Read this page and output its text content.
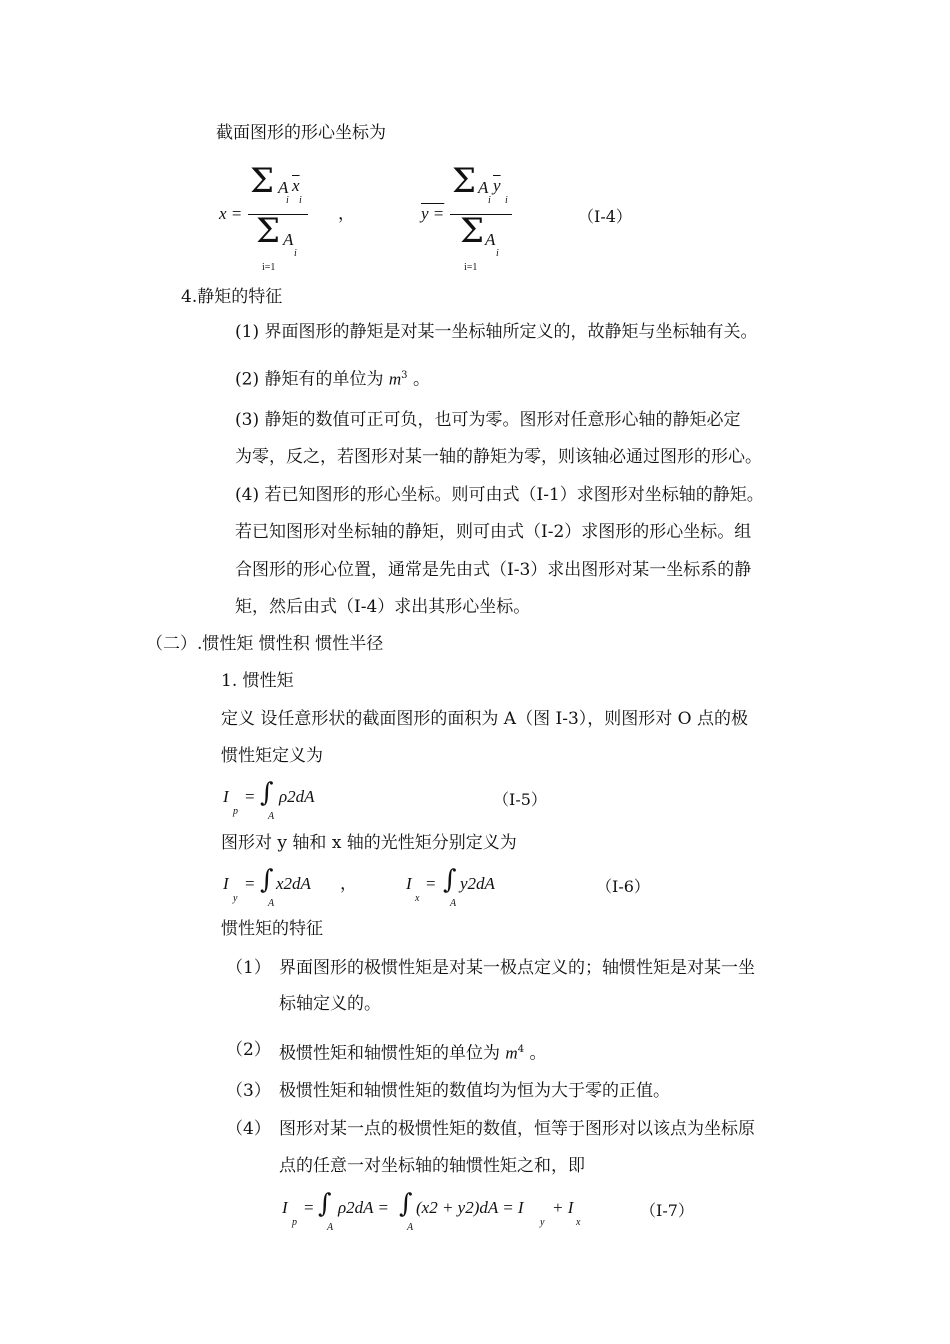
截面图形的形心坐标为
x =
Σ A $\overline{x}$
i i
Σ A
i
i=1
，	y =
Σ A $\overline{y}$
i i
Σ A
i
i=1
（I-4）
4.静矩的特征
(1) 界面图形的静矩是对某一坐标轴所定义的，故静矩与坐标轴有关。
(2) 静矩有的单位为 $m^3$ 。
(3) 静矩的数值可正可负，也可为零。图形对任意形心轴的静矩必定
为零，反之，若图形对某一轴的静矩为零，则该轴必通过图形的形心。
(4) 若已知图形的形心坐标。则可由式（I-1）求图形对坐标轴的静矩。
若已知图形对坐标轴的静矩，则可由式（I-2）求图形的形心坐标。组
合图形的形心位置，通常是先由式（I-3）求出图形对某一坐标系的静
矩，然后由式（I-4）求出其形心坐标。
（二）.惯性矩 惯性积 惯性半径
1. 惯性矩
定义 设任意形状的截面图形的面积为 A（图 I-3），则图形对 O 点的极
惯性矩定义为
I
p
= ∫
A
ρ2dA	（I-5）
图形对 y 轴和 x 轴的光性矩分别定义为
I
y
= ∫
A
x2dA ，	I
x
= ∫
A
y2dA	（I-6）
惯性矩的特征
（1） 界面图形的极惯性矩是对某一极点定义的；轴惯性矩是对某一坐
标轴定义的。
（2） 极惯性矩和轴惯性矩的单位为 $m^4$ 。
（3） 极惯性矩和轴惯性矩的数值均为恒为大于零的正值。
（4） 图形对某一点的极惯性矩的数值，恒等于图形对以该点为坐标原
点的任意一对坐标轴的轴惯性矩之和，即
I
p
= ∫
A
ρ2dA = ∫
A
(x2 + y2)dA = I
y
+ I
x
（I-7）
